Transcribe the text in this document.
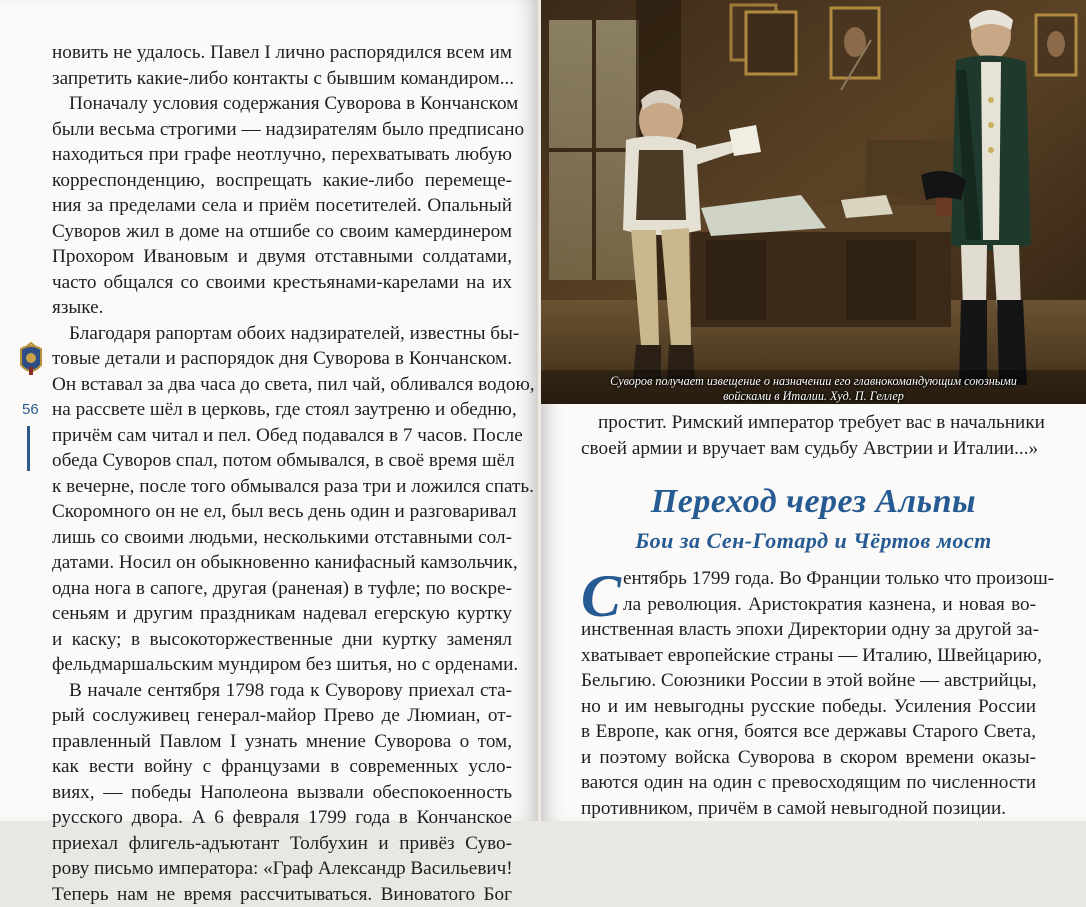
новить не удалось. Павел I лично распорядился всем им
запретить какие-либо контакты с бывшим командиром...
Поначалу условия содержания Суворова в Кончанском
были весьма строгими — надзирателям было предписано
находиться при графе неотлучно, перехватывать любую
корреспонденцию, воспрещать какие-либо перемеще-
ния за пределами села и приём посетителей. Опальный
Суворов жил в доме на отшибе со своим камердинером
Прохором Ивановым и двумя отставными солдатами,
часто общался со своими крестьянами-карелами на их
языке.
Благодаря рапортам обоих надзирателей, известны бы-
товые детали и распорядок дня Суворова в Кончанском.
Он вставал за два часа до света, пил чай, обливался водою,
на рассвете шёл в церковь, где стоял заутреню и обедню,
причём сам читал и пел. Обед подавался в 7 часов. После
обеда Суворов спал, потом обмывался, в своё время шёл
к вечерне, после того обмывался раза три и ложился спать.
Скоромного он не ел, был весь день один и разговаривал
лишь со своими людьми, несколькими отставными сол-
датами. Носил он обыкновенно канифасный камзольчик,
одна нога в сапоге, другая (раненая) в туфле; по воскре-
сеньям и другим праздникам надевал егерскую куртку
и каску; в высокоторжественные дни куртку заменял
фельдмаршальским мундиром без шитья, но с орденами.
В начале сентября 1798 года к Суворову приехал ста-
рый сослуживец генерал-майор Прево де Люмиан, от-
правленный Павлом I узнать мнение Суворова о том,
как вести войну с французами в современных усло-
виях, — победы Наполеона вызвали обеспокоенность
русского двора. А 6 февраля 1799 года в Кончанское
приехал флигель-адъютант Толбухин и привёз Суво-
рову письмо императора: «Граф Александр Васильевич!
Теперь нам не время рассчитываться. Виноватого Бог
56
Суворов получает извещение о назначении его главнокомандующим союзными
войсками в Италии. Худ. П. Геллер
простит. Римский император требует вас в начальники
своей армии и вручает вам судьбу Австрии и Италии...»
Переход через Альпы
Бои за Сен-Готард и Чёртов мост
С ентябрь 1799 года. Во Франции только что произош-
ла революция. Аристократия казнена, и новая во-
инственная власть эпохи Директории одну за другой за-
хватывает европейские страны — Италию, Швейцарию,
Бельгию. Союзники России в этой войне — австрийцы,
но и им невыгодны русские победы. Усиления России
в Европе, как огня, боятся все державы Старого Света,
и поэтому войска Суворова в скором времени оказы-
ваются один на один с превосходящим по численности
противником, причём в самой невыгодной позиции.
